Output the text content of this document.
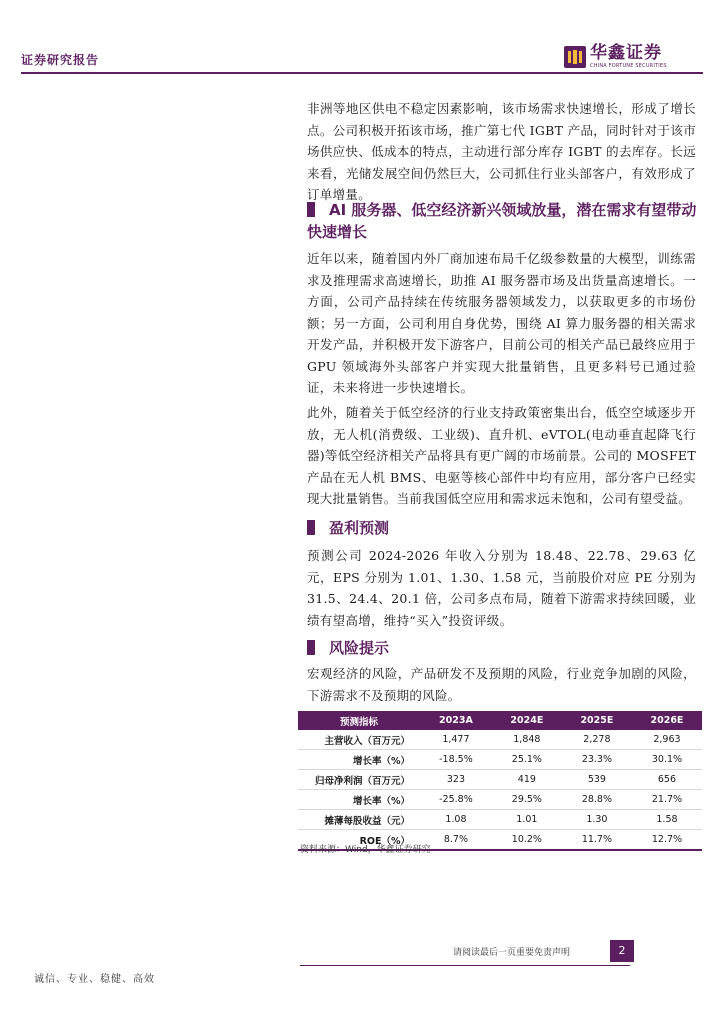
证券研究报告	华鑫证券
CHINA FORTUNE SECURITIES

非洲等地区供电不稳定因素影响，该市场需求快速增长，形成了增长点。公司积极开拓该市场，推广第七代 IGBT 产品，同时针对于该市场供应快、低成本的特点，主动进行部分库存 IGBT 的去库存。长远来看，光储发展空间仍然巨大，公司抓住行业头部客户，有效形成了订单增量。

AI 服务器、低空经济新兴领域放量，潜在需求有望带动快速增长

近年以来，随着国内外厂商加速布局千亿级参数量的大模型，训练需求及推理需求高速增长，助推 AI 服务器市场及出货量高速增长。一方面，公司产品持续在传统服务器领域发力，以获取更多的市场份额；另一方面，公司利用自身优势，围绕 AI 算力服务器的相关需求开发产品，并积极开发下游客户，目前公司的相关产品已最终应用于 GPU 领域海外头部客户并实现大批量销售，且更多料号已通过验证，未来将进一步快速增长。

此外，随着关于低空经济的行业支持政策密集出台，低空空域逐步开放，无人机(消费级、工业级)、直升机、eVTOL(电动垂直起降飞行器)等低空经济相关产品将具有更广阔的市场前景。公司的 MOSFET 产品在无人机 BMS、电驱等核心部件中均有应用，部分客户已经实现大批量销售。当前我国低空应用和需求远未饱和，公司有望受益。

盈利预测

预测公司 2024-2026 年收入分别为 18.48、22.78、29.63 亿元，EPS 分别为 1.01、1.30、1.58 元，当前股价对应 PE 分别为 31.5、24.4、20.1 倍，公司多点布局，随着下游需求持续回暖，业绩有望高增，维持“买入”投资评级。

风险提示

宏观经济的风险，产品研发不及预期的风险，行业竞争加剧的风险，下游需求不及预期的风险。

预测指标	2023A	2024E	2025E	2026E
主营收入（百万元）	1,477	1,848	2,278	2,963
增长率（%）	-18.5%	25.1%	23.3%	30.1%
归母净利润（百万元）	323	419	539	656
增长率（%）	-25.8%	29.5%	28.8%	21.7%
摊薄每股收益（元）	1.08	1.01	1.30	1.58
ROE（%）	8.7%	10.2%	11.7%	12.7%
资料来源：Wind，华鑫证券研究
请阅读最后一页重要免责声明	2
诚信、专业、稳健、高效
